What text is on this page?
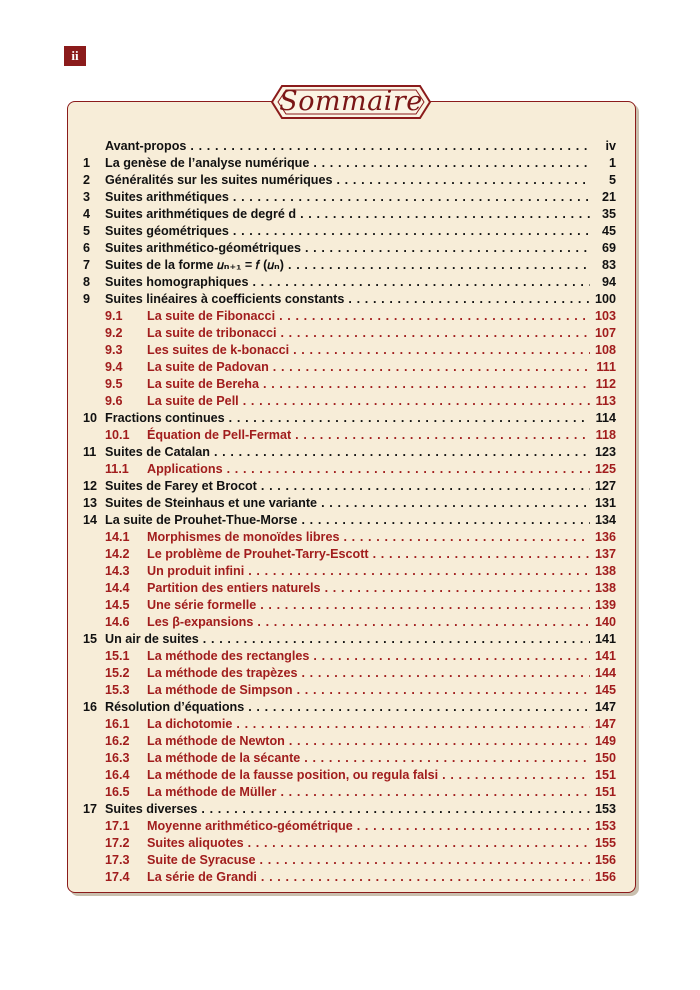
ii
Sommaire
Avant-propos . . .	iv
1	La genèse de l’analyse numérique . . .	1
2	Généralités sur les suites numériques . . .	5
3	Suites arithmétiques . . .	21
4	Suites arithmétiques de degré d . . .	35
5	Suites géométriques . . .	45
6	Suites arithmético-géométriques . . .	69
7	Suites de la forme 𝑢ₙ₊₁ = 𝑓 (𝑢ₙ) . . .	83
8	Suites homographiques . . .	94
9	Suites linéaires à coefficients constants . . .	100
9.1	La suite de Fibonacci . . .	103
9.2	La suite de tribonacci . . .	107
9.3	Les suites de k-bonacci . . .	108
9.4	La suite de Padovan . . .	111
9.5	La suite de Bereha . . .	112
9.6	La suite de Pell . . .	113
10 Fractions continues . . .	114
10.1	Équation de Pell-Fermat . . .	118
11 Suites de Catalan . . .	123
11.1	Applications . . .	125
12 Suites de Farey et Brocot . . .	127
13 Suites de Steinhaus et une variante . . .	131
14 La suite de Prouhet-Thue-Morse . . .	134
14.1	Morphismes de monoïdes libres . . .	136
14.2	Le problème de Prouhet-Tarry-Escott . . .	137
14.3	Un produit infini . . .	138
14.4	Partition des entiers naturels . . .	138
14.5	Une série formelle . . .	139
14.6	Les β-expansions . . .	140
15 Un air de suites . . .	141
15.1	La méthode des rectangles . . .	141
15.2	La méthode des trapèzes . . .	144
15.3	La méthode de Simpson . . .	145
16 Résolution d’équations . . .	147
16.1	La dichotomie . . .	147
16.2	La méthode de Newton . . .	149
16.3	La méthode de la sécante . . .	150
16.4	La méthode de la fausse position, ou regula falsi . . .	151
16.5	La méthode de Müller . . .	151
17 Suites diverses . . .	153
17.1	Moyenne arithmético-géométrique . . .	153
17.2	Suites aliquotes . . .	155
17.3	Suite de Syracuse . . .	156
17.4	La série de Grandi . . .	156
